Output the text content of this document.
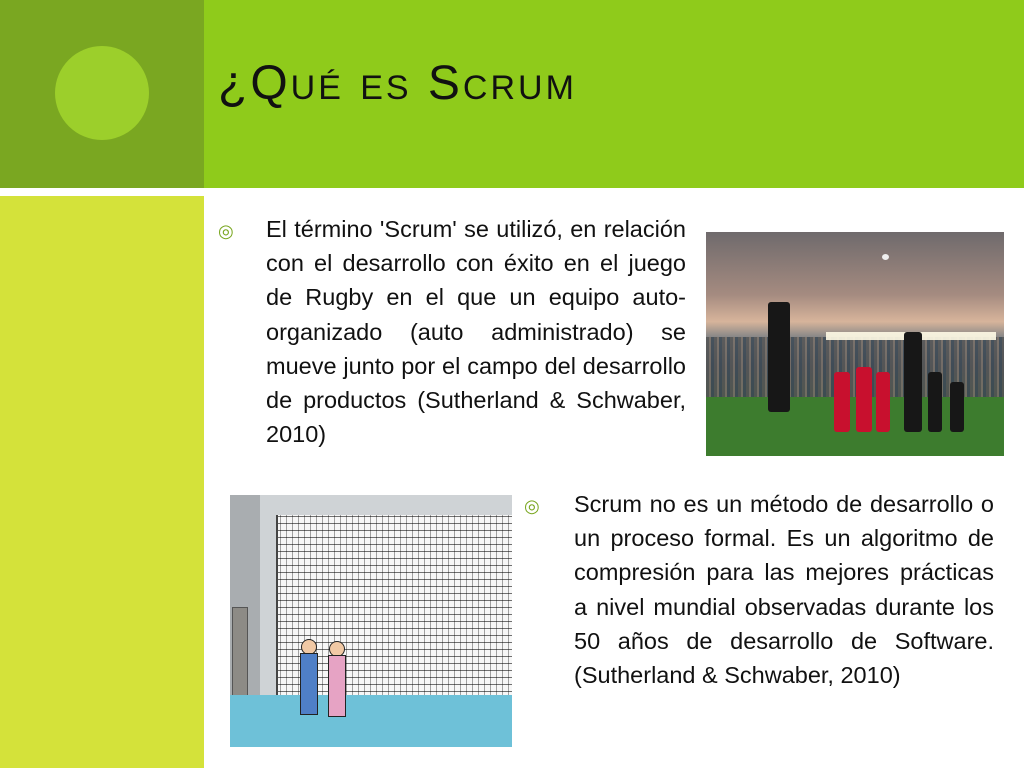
¿Qué es Scrum
◎ El término 'Scrum' se utilizó, en relación con el desarrollo con éxito en el juego de Rugby en el que un equipo auto-organizado (auto administrado) se mueve junto por el campo del desarrollo de productos (Sutherland & Schwaber, 2010)

◎ Scrum no es un método de desarrollo o un proceso formal. Es un algoritmo de compresión para las mejores prácticas a nivel mundial observadas durante los 50 años de desarrollo de Software. (Sutherland & Schwaber, 2010)
